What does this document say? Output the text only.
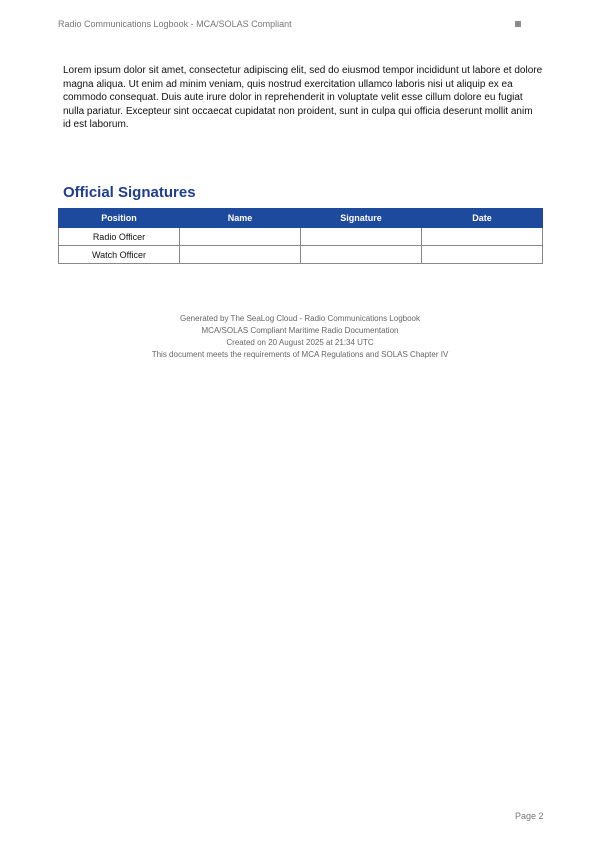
Radio Communications Logbook - MCA/SOLAS Compliant
Lorem ipsum dolor sit amet, consectetur adipiscing elit, sed do eiusmod tempor incididunt ut labore et dolore magna aliqua. Ut enim ad minim veniam, quis nostrud exercitation ullamco laboris nisi ut aliquip ex ea commodo consequat. Duis aute irure dolor in reprehenderit in voluptate velit esse cillum dolore eu fugiat nulla pariatur. Excepteur sint occaecat cupidatat non proident, sunt in culpa qui officia deserunt mollit anim id est laborum.
Official Signatures
Position	Name	Signature	Date
Radio Officer			
Watch Officer			
Generated by The SeaLog Cloud - Radio Communications Logbook
MCA/SOLAS Compliant Maritime Radio Documentation
Created on 20 August 2025 at 21:34 UTC
This document meets the requirements of MCA Regulations and SOLAS Chapter IV
Page 2
